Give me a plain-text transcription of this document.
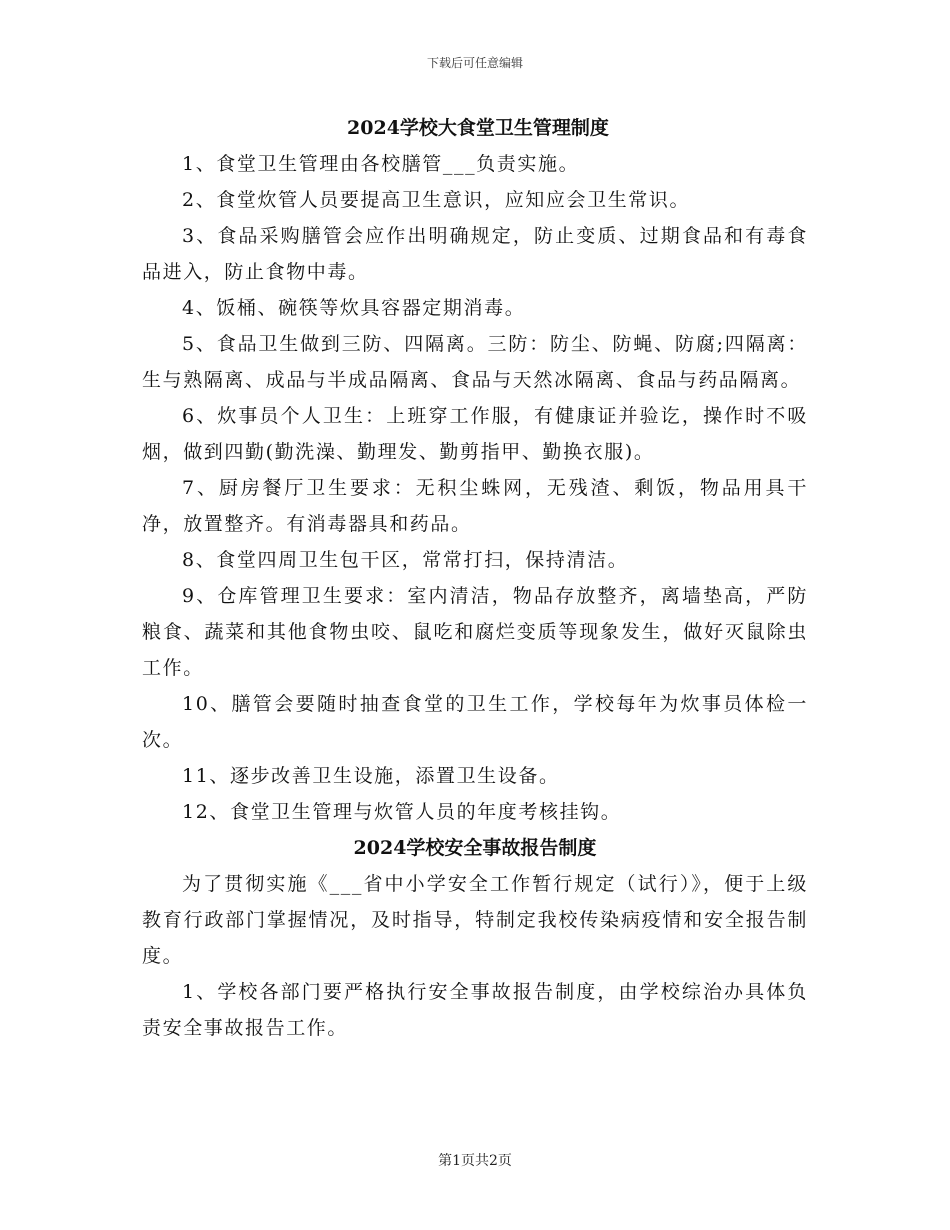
下载后可任意编辑
2024学校大食堂卫生管理制度

1、食堂卫生管理由各校膳管___负责实施。

2、食堂炊管人员要提高卫生意识，应知应会卫生常识。

3、食品采购膳管会应作出明确规定，防止变质、过期食品和有毒食品进入，防止食物中毒。

4、饭桶、碗筷等炊具容器定期消毒。

5、食品卫生做到三防、四隔离。三防：防尘、防蝇、防腐;四隔离：生与熟隔离、成品与半成品隔离、食品与天然冰隔离、食品与药品隔离。

6、炊事员个人卫生：上班穿工作服，有健康证并验讫，操作时不吸烟，做到四勤(勤洗澡、勤理发、勤剪指甲、勤换衣服)。

7、厨房餐厅卫生要求：无积尘蛛网，无残渣、剩饭，物品用具干净，放置整齐。有消毒器具和药品。

8、食堂四周卫生包干区，常常打扫，保持清洁。

9、仓库管理卫生要求：室内清洁，物品存放整齐，离墙垫高，严防粮食、蔬菜和其他食物虫咬、鼠吃和腐烂变质等现象发生，做好灭鼠除虫工作。

10、膳管会要随时抽查食堂的卫生工作，学校每年为炊事员体检一次。

11、逐步改善卫生设施，添置卫生设备。

12、食堂卫生管理与炊管人员的年度考核挂钩。

2024学校安全事故报告制度

为了贯彻实施《___省中小学安全工作暂行规定（试行）》，便于上级教育行政部门掌握情况，及时指导，特制定我校传染病疫情和安全报告制度。

1、学校各部门要严格执行安全事故报告制度，由学校综治办具体负责安全事故报告工作。

第1页共2页
